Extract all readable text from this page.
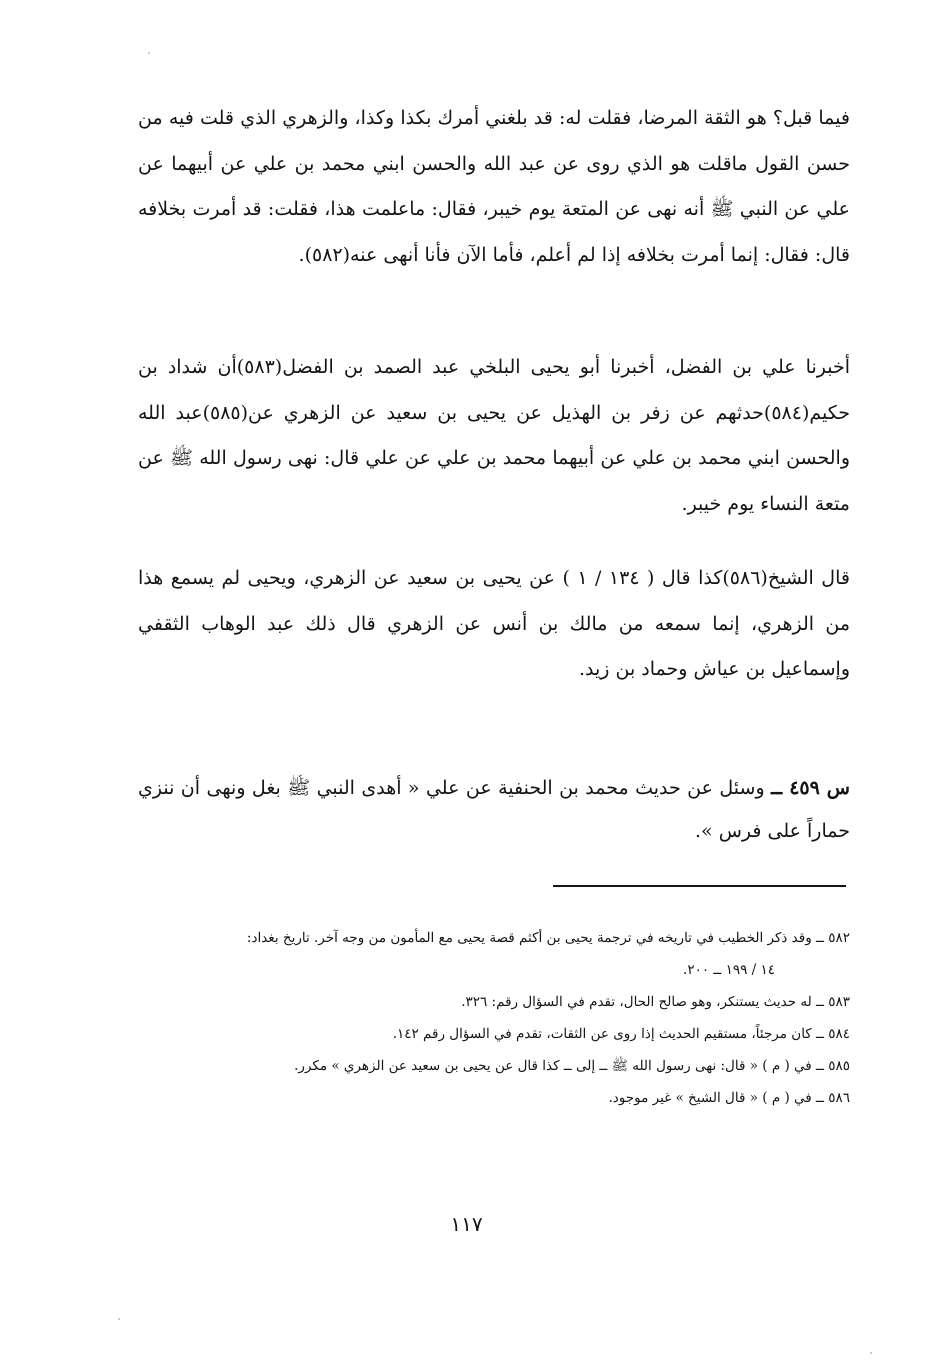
فيما قبل؟ هو الثقة المرضا، فقلت له: قد بلغني أمرك بكذا وكذا، والزهري الذي قلت فيه من حسن القول ماقلت هو الذي روى عن عبد الله والحسن ابني محمد بن علي عن أبيهما عن علي عن النبي ﷺ أنه نهى عن المتعة يوم خيبر، فقال: ماعلمت هذا، فقلت: قد أمرت بخلافه قال: فقال: إنما أمرت بخلافه إذا لم أعلم، فأما الآن فأنا أنهى عنه(٥٨٢).

أخبرنا علي بن الفضل، أخبرنا أبو يحيى البلخي عبد الصمد بن الفضل(٥٨٣)أن شداد بن حكيم(٥٨٤)حدثهم عن زفر بن الهذيل عن يحيى بن سعيد عن الزهري عن(٥٨٥)عبد الله والحسن ابني محمد بن علي عن أبيهما محمد بن علي عن علي قال: نهى رسول الله ﷺ عن متعة النساء يوم خيبر.

قال الشيخ(٥٨٦)كذا قال ( ١٣٤ / ١ ) عن يحيى بن سعيد عن الزهري، ويحيى لم يسمع هذا من الزهري، إنما سمعه من مالك بن أنس عن الزهري قال ذلك عبد الوهاب الثقفي وإسماعيل بن عياش وحماد بن زيد.

س ٤٥٩ ــ وسئل عن حديث محمد بن الحنفية عن علي « أهدى النبي ﷺ بغل ونهى أن ننزي حماراً على فرس ».

٥٨٢ ــ وقد ذكر الخطيب في تاريخه في ترجمة يحيى بن أكثم قصة يحيى مع المأمون من وجه آخر. تاريخ بغداد:
١٤ / ١٩٩ ــ ٢٠٠.
٥٨٣ ــ له حديث يستنكر، وهو صالح الحال، تقدم في السؤال رقم: ٣٢٦.
٥٨٤ ــ كان مرجئاً، مستقيم الحديث إذا روى عن الثقات، تقدم في السؤال رقم ١٤٢.
٥٨٥ ــ في ( م ) « قال: نهى رسول الله ﷺ ــ إلى ــ كذا قال عن يحيى بن سعيد عن الزهري » مكرر.
٥٨٦ ــ في ( م ) « قال الشيخ » غير موجود.
١١٧
